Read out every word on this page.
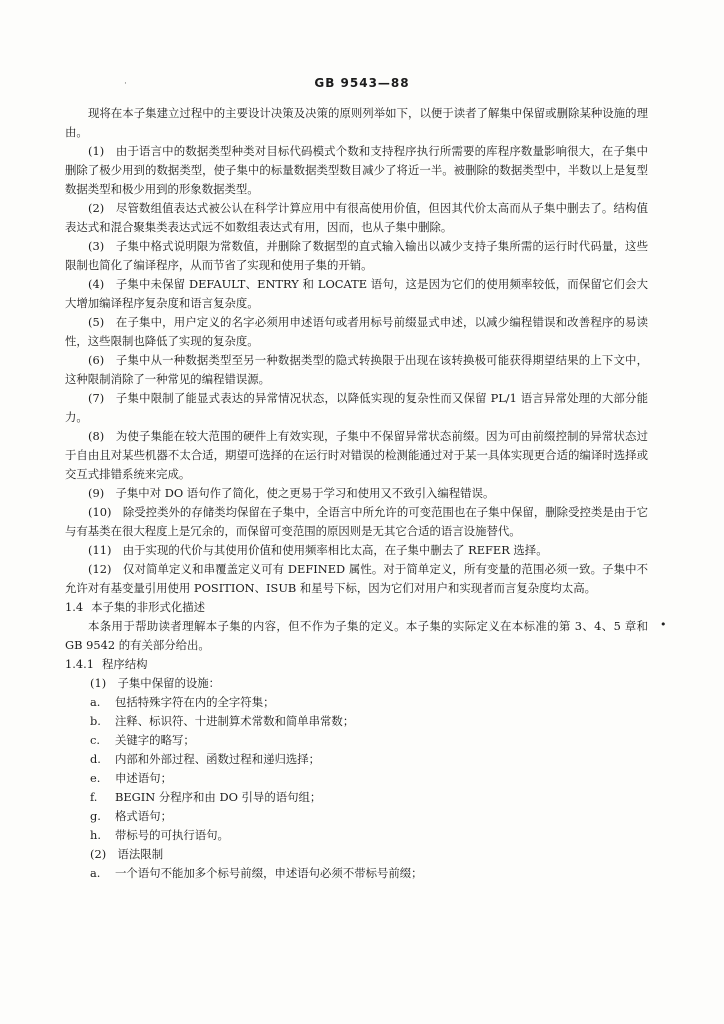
·	GB 9543—88
•

现将在本子集建立过程中的主要设计决策及决策的原则列举如下，以便于读者了解集中保留或删除某种设施的理由。

(1)　由于语言中的数据类型种类对目标代码模式个数和支持程序执行所需要的库程序数量影响很大，在子集中删除了极少用到的数据类型，使子集中的标量数据类型数目减少了将近一半。被删除的数据类型中，半数以上是复型数据类型和极少用到的形象数据类型。

(2)　尽管数组值表达式被公认在科学计算应用中有很高使用价值，但因其代价太高而从子集中删去了。结构值表达式和混合聚集类表达式远不如数组表达式有用，因而，也从子集中删除。

(3)　子集中格式说明限为常数值，并删除了数据型的直式输入输出以减少支持子集所需的运行时代码量，这些限制也简化了编译程序，从而节省了实现和使用子集的开销。

(4)　子集中未保留 DEFAULT、ENTRY 和 LOCATE 语句，这是因为它们的使用频率较低，而保留它们会大大增加编译程序复杂度和语言复杂度。

(5)　在子集中，用户定义的名字必须用申述语句或者用标号前缀显式申述，以减少编程错误和改善程序的易读性，这些限制也降低了实现的复杂度。

(6)　子集中从一种数据类型至另一种数据类型的隐式转换限于出现在该转换极可能获得期望结果的上下文中，这种限制消除了一种常见的编程错误源。

(7)　子集中限制了能显式表达的异常情况状态，以降低实现的复杂性而又保留 PL/1 语言异常处理的大部分能力。

(8)　为使子集能在较大范围的硬件上有效实现，子集中不保留异常状态前缀。因为可由前缀控制的异常状态过于自由且对某些机器不太合适，期望可选择的在运行时对错误的检测能通过对于某一具体实现更合适的编译时选择或交互式排错系统来完成。

(9)　子集中对 DO 语句作了简化，使之更易于学习和使用又不致引入编程错误。

(10)　除受控类外的存储类均保留在子集中，全语言中所允许的可变范围也在子集中保留，删除受控类是由于它与有基类在很大程度上是冗余的，而保留可变范围的原因则是无其它合适的语言设施替代。

(11)　由于实现的代价与其使用价值和使用频率相比太高，在子集中删去了 REFER 选择。

(12)　仅对简单定义和串覆盖定义可有 DEFINED 属性。对于简单定义，所有变量的范围必须一致。子集中不允许对有基变量引用使用 POSITION、ISUB 和星号下标，因为它们对用户和实现者而言复杂度均太高。

1.4 本子集的非形式化描述

本条用于帮助读者理解本子集的内容，但不作为子集的定义。本子集的实际定义在本标准的第 3、4、5 章和 GB 9542 的有关部分给出。

1.4.1 程序结构

(1)　子集中保留的设施：

a. 包括特殊字符在内的全字符集；

b. 注释、标识符、十进制算术常数和简单串常数；

c. 关键字的略写；

d. 内部和外部过程、函数过程和递归选择；

e. 申述语句；

f. BEGIN 分程序和由 DO 引导的语句组；

g. 格式语句；

h. 带标号的可执行语句。

(2)　语法限制

a. 一个语句不能加多个标号前缀，申述语句必须不带标号前缀；
